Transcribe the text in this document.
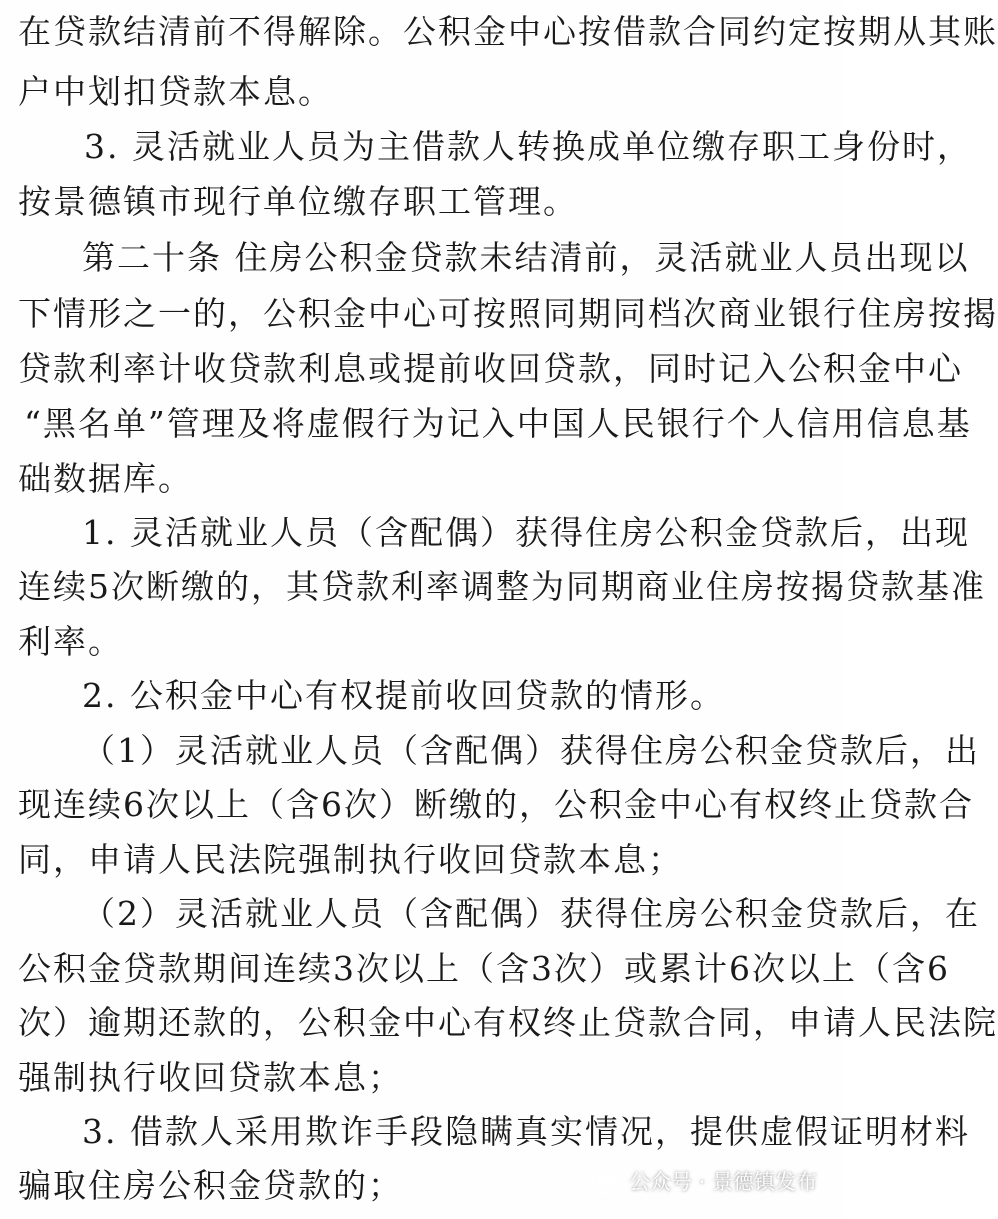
在贷款结清前不得解除。公积金中心按借款合同约定按期从其账
户中划扣贷款本息。
3. 灵活就业人员为主借款人转换成单位缴存职工身份时，
按景德镇市现行单位缴存职工管理。
第二十条 住房公积金贷款未结清前，灵活就业人员出现以
下情形之一的，公积金中心可按照同期同档次商业银行住房按揭
贷款利率计收贷款利息或提前收回贷款，同时记入公积金中心
“黑名单”管理及将虚假行为记入中国人民银行个人信用信息基
础数据库。
1. 灵活就业人员（含配偶）获得住房公积金贷款后，出现
连续5次断缴的，其贷款利率调整为同期商业住房按揭贷款基准
利率。
2. 公积金中心有权提前收回贷款的情形。
（1）灵活就业人员（含配偶）获得住房公积金贷款后，出
现连续6次以上（含6次）断缴的，公积金中心有权终止贷款合
同，申请人民法院强制执行收回贷款本息；
（2）灵活就业人员（含配偶）获得住房公积金贷款后，在
公积金贷款期间连续3次以上（含3次）或累计6次以上（含6
次）逾期还款的，公积金中心有权终止贷款合同，申请人民法院
强制执行收回贷款本息；
3. 借款人采用欺诈手段隐瞒真实情况，提供虚假证明材料
骗取住房公积金贷款的；	公众号 · 景德镇发布
